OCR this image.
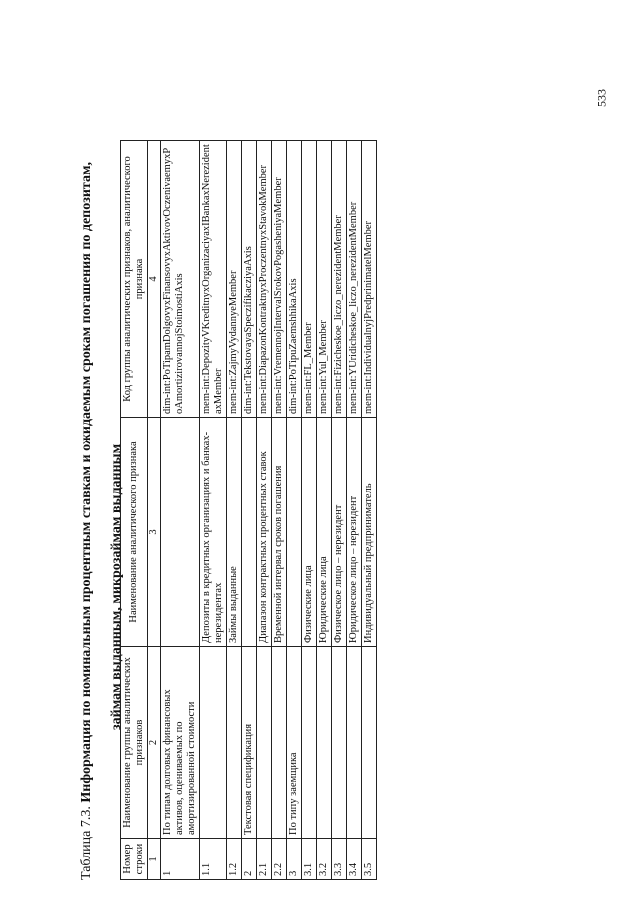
533
Таблица 7.3. Информация по номинальным процентным ставкам и ожидаемым срокам погашения по депозитам,	займам выданным, микрозаймам выданным
Номер строки	Наименование группы аналитических признаков	Наименование аналитического признака	Код группы аналитических признаков, аналитического признака
1	2	3	4
1	По типам долговых финансовых активов, оцениваемых по амортизированной стоимости		dim-int:PoTipamDolgovyxFinansovyxAktivovOczenivaemyxPoAmortizirovannojStoimostiAxis
1.1		Депозиты в кредитных организациях и банках-нерезидентах	mem-int:DepozityVKreditnyxOrganizaciyaxIBankaxNerezidentaxMember
1.2		Займы выданные	mem-int:ZajmyVydannyeMember
2	Текстовая спецификация		dim-int:TekstovayaSpeczifikacziyaAxis
2.1		Диапазон контрактных процентных ставок	mem-int:DiapazonKontraktnyxProczentnyxStavokMember
2.2		Временной интервал сроков погашения	mem-int:VremennojIntervalSrokovPogasheniyaMember
3	По типу заемщика		dim-int:PoTipuZaemshhikaAxis
3.1		Физические лица	mem-int:FL_Member
3.2		Юридические лица	mem-int:Yul_Member
3.3		Физическое лицо – нерезидент	mem-int:Fizicheskoe_liczo_nerezidentMember
3.4		Юридическое лицо – нерезидент	mem-int:YUridicheskoe_liczo_nerezidentMember
3.5		Индивидуальный предприниматель	mem-int:IndividualnyjPredprinimatelMember
